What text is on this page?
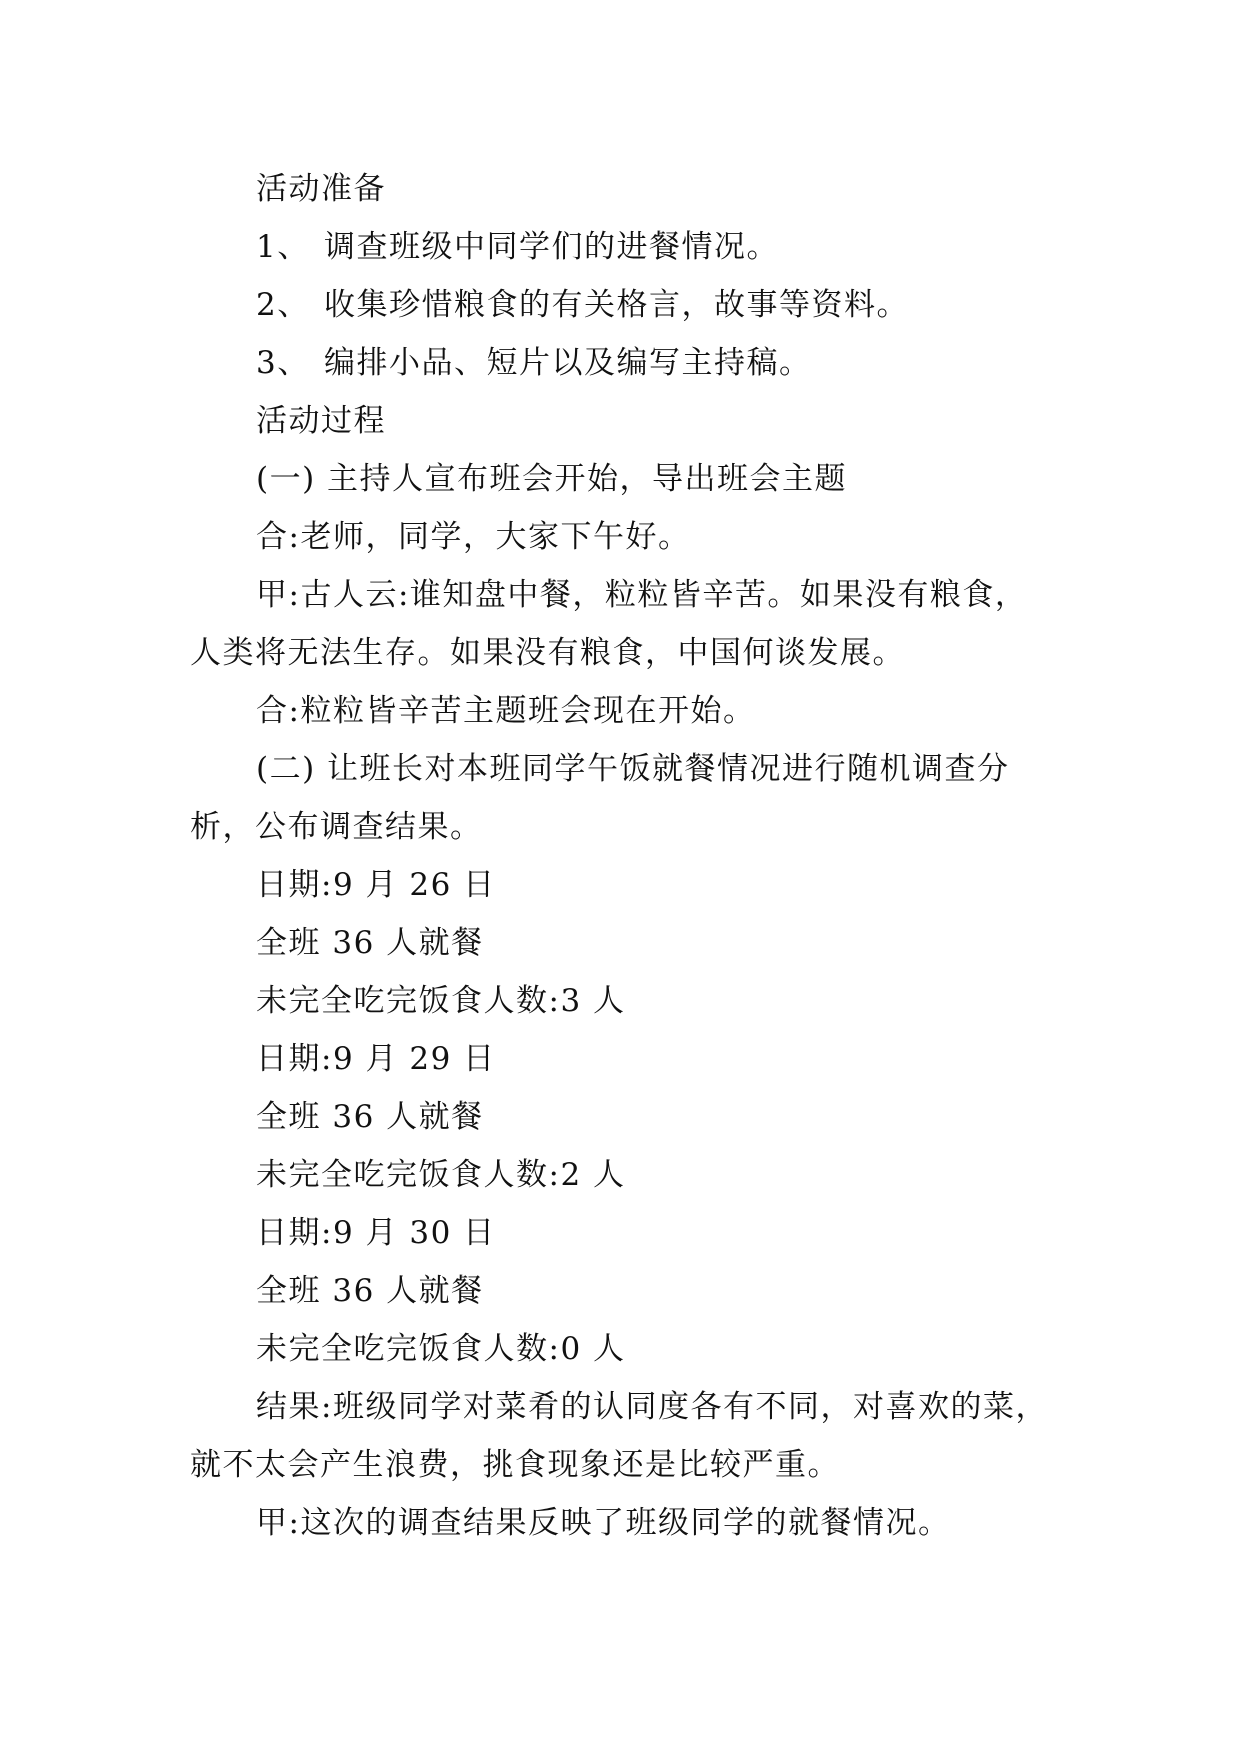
活动准备
1、 调查班级中同学们的进餐情况。
2、 收集珍惜粮食的有关格言，故事等资料。
3、 编排小品、短片以及编写主持稿。
活动过程
(一) 主持人宣布班会开始，导出班会主题
合:老师，同学，大家下午好。
甲:古人云:谁知盘中餐，粒粒皆辛苦。如果没有粮食，
人类将无法生存。如果没有粮食，中国何谈发展。
合:粒粒皆辛苦主题班会现在开始。
(二) 让班长对本班同学午饭就餐情况进行随机调查分
析，公布调查结果。
日期:9 月 26 日
全班 36 人就餐
未完全吃完饭食人数:3 人
日期:9 月 29 日
全班 36 人就餐
未完全吃完饭食人数:2 人
日期:9 月 30 日
全班 36 人就餐
未完全吃完饭食人数:0 人
结果:班级同学对菜肴的认同度各有不同，对喜欢的菜，
就不太会产生浪费，挑食现象还是比较严重。
甲:这次的调查结果反映了班级同学的就餐情况。
